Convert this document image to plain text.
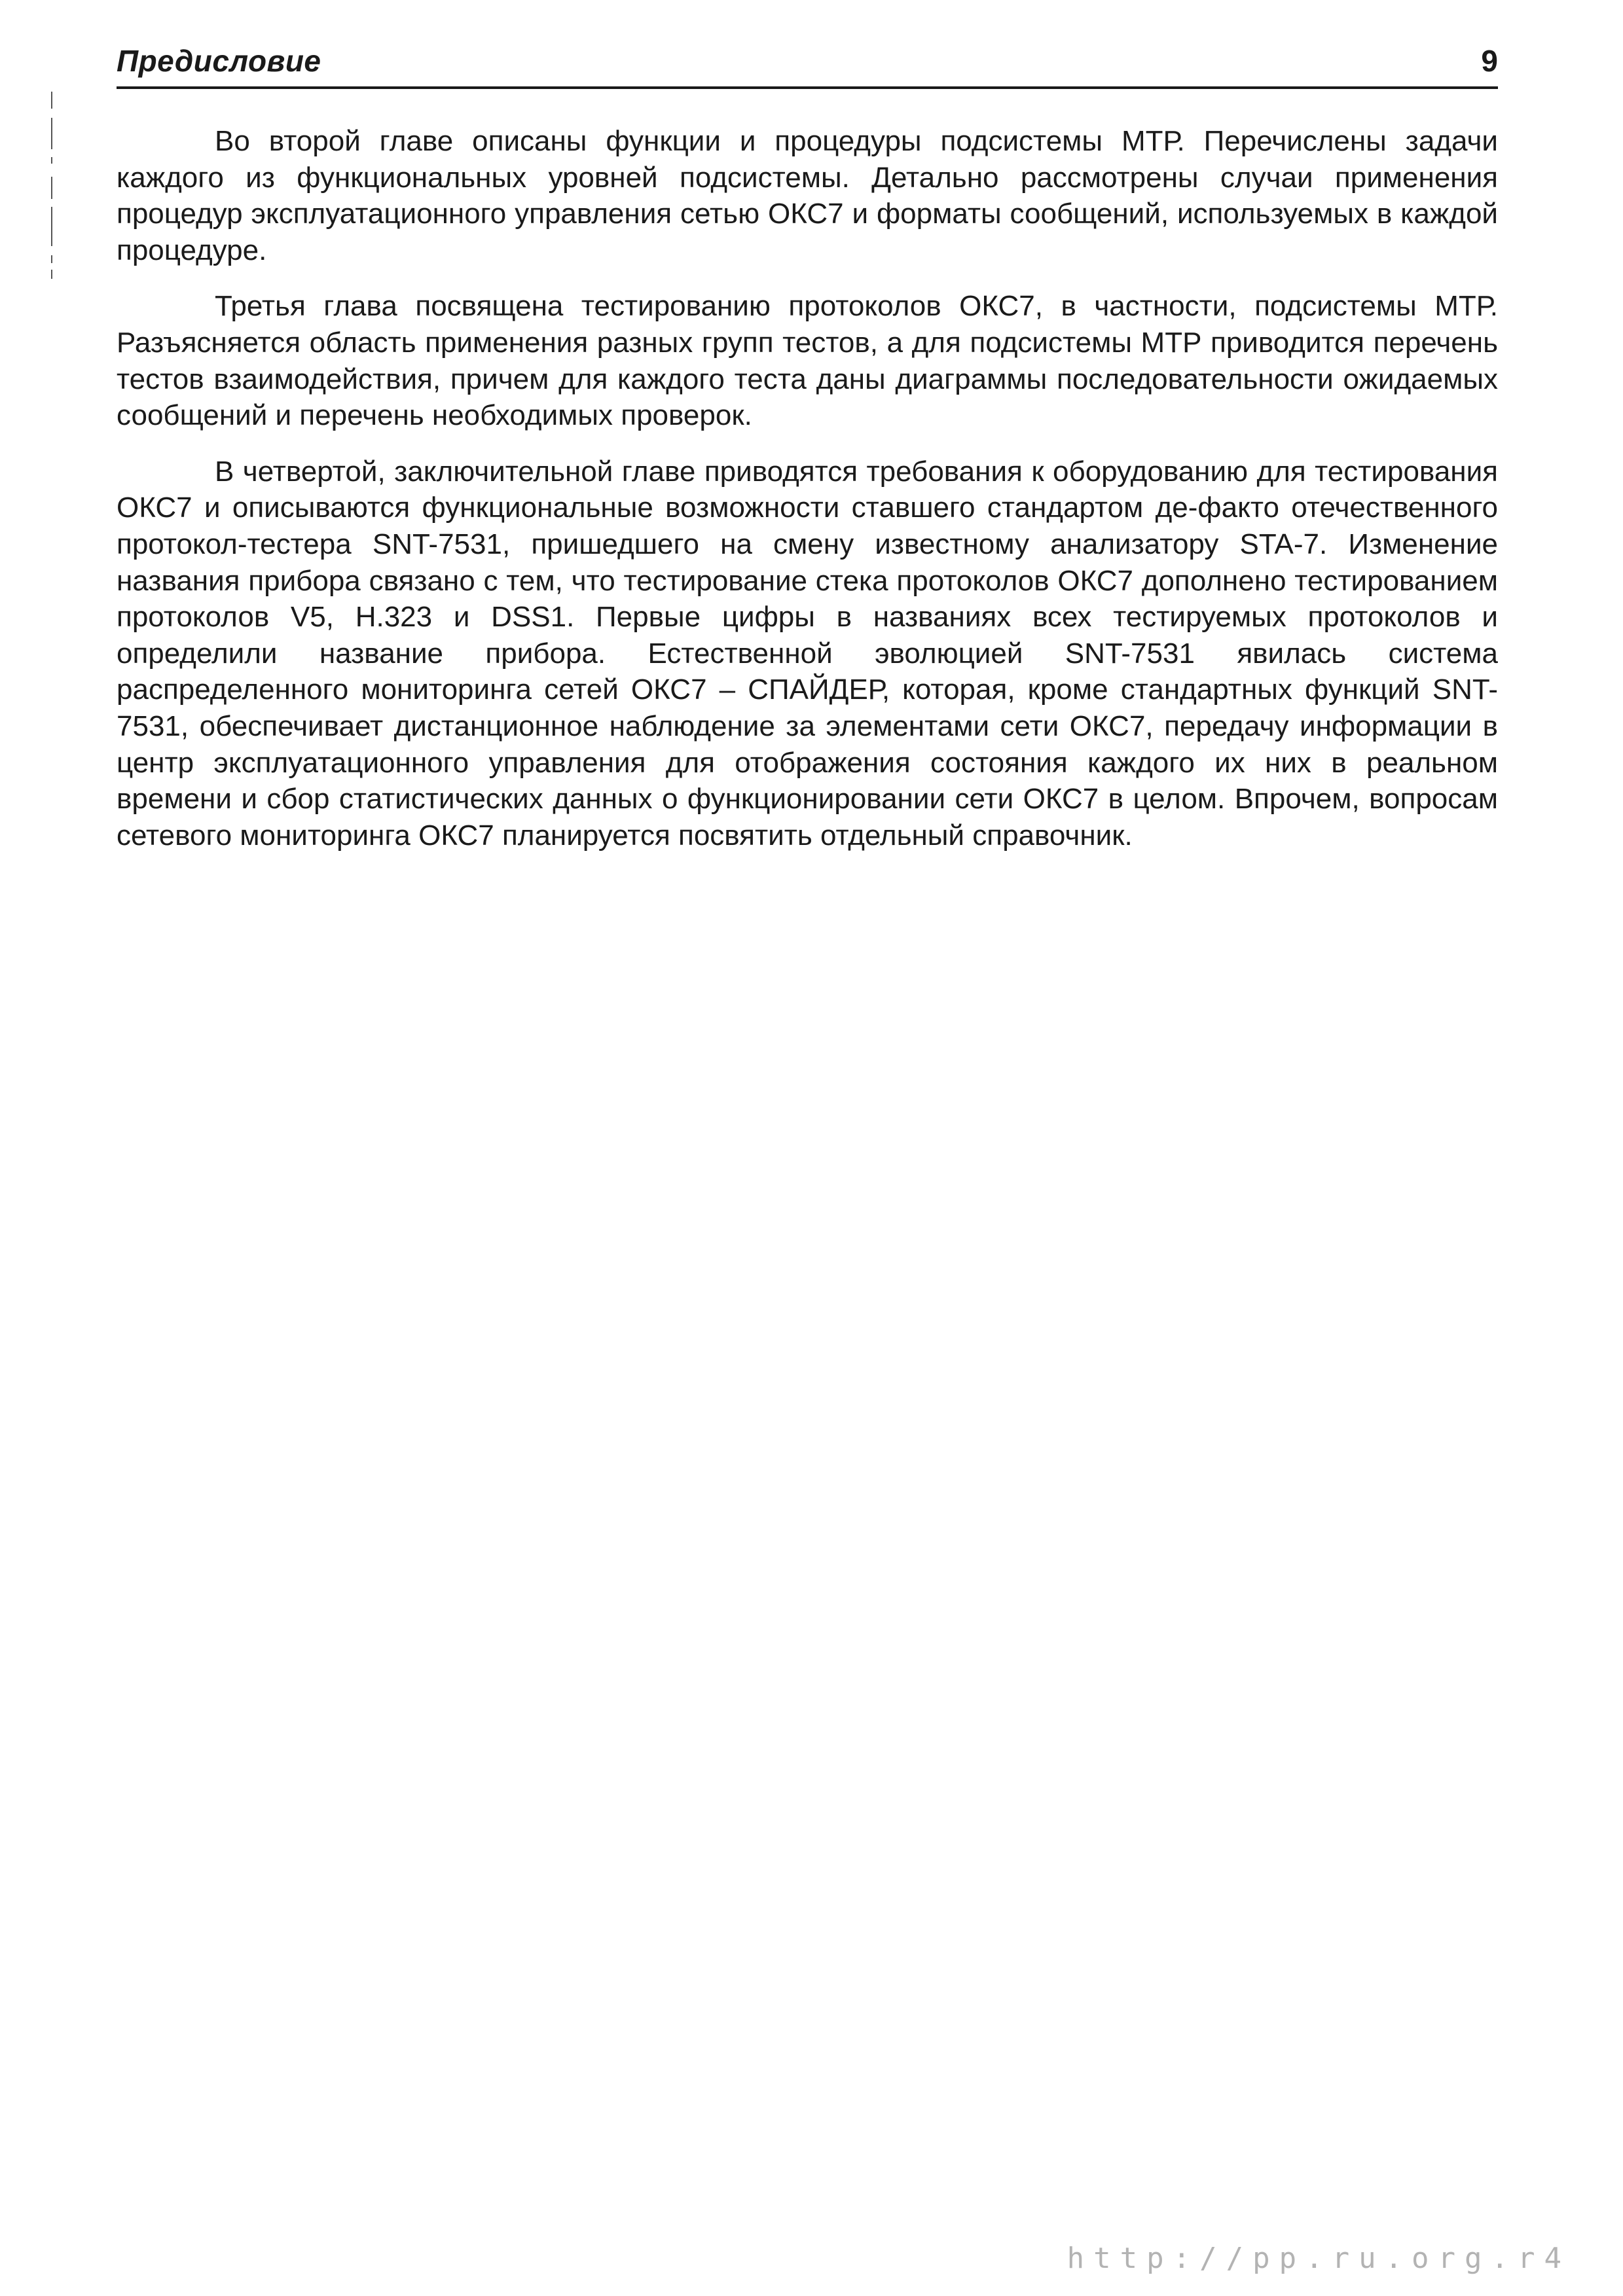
Предисловие	9

Во второй главе описаны функции и процедуры подсистемы МТР. Перечислены задачи каждого из функциональных уровней подсистемы. Детально рассмотрены случаи применения процедур эксплуатационного управления сетью ОКС7 и форматы сообщений, используемых в каждой процедуре.

Третья глава посвящена тестированию протоколов ОКС7, в частности, подсистемы МТР. Разъясняется область применения разных групп тестов, а для подсистемы МТР приводится перечень тестов взаимодействия, причем для каждого теста даны диаграммы последовательности ожидаемых сообщений и перечень необходимых проверок.

В четвертой, заключительной главе приводятся требования к оборудованию для тестирования ОКС7 и описываются функциональные возможности ставшего стандартом де-факто отечественного протокол-тестера SNT-7531, пришедшего на смену известному анализатору STA-7. Изменение названия прибора связано с тем, что тестирование стека протоколов ОКС7 дополнено тестированием протоколов V5, H.323 и DSS1. Первые цифры в названиях всех тестируемых протоколов и определили название прибора. Естественной эволюцией SNT-7531 явилась система распределенного мониторинга сетей ОКС7 – СПАЙДЕР, которая, кроме стандартных функций SNT-7531, обеспечивает дистанционное наблюдение за элементами сети ОКС7, передачу информации в центр эксплуатационного управления для отображения состояния каждого их них в реальном времени и сбор статистических данных о функционировании сети ОКС7 в целом. Впрочем, вопросам сетевого мониторинга ОКС7 планируется посвятить отдельный справочник.

http://pp.ru.org.r4
